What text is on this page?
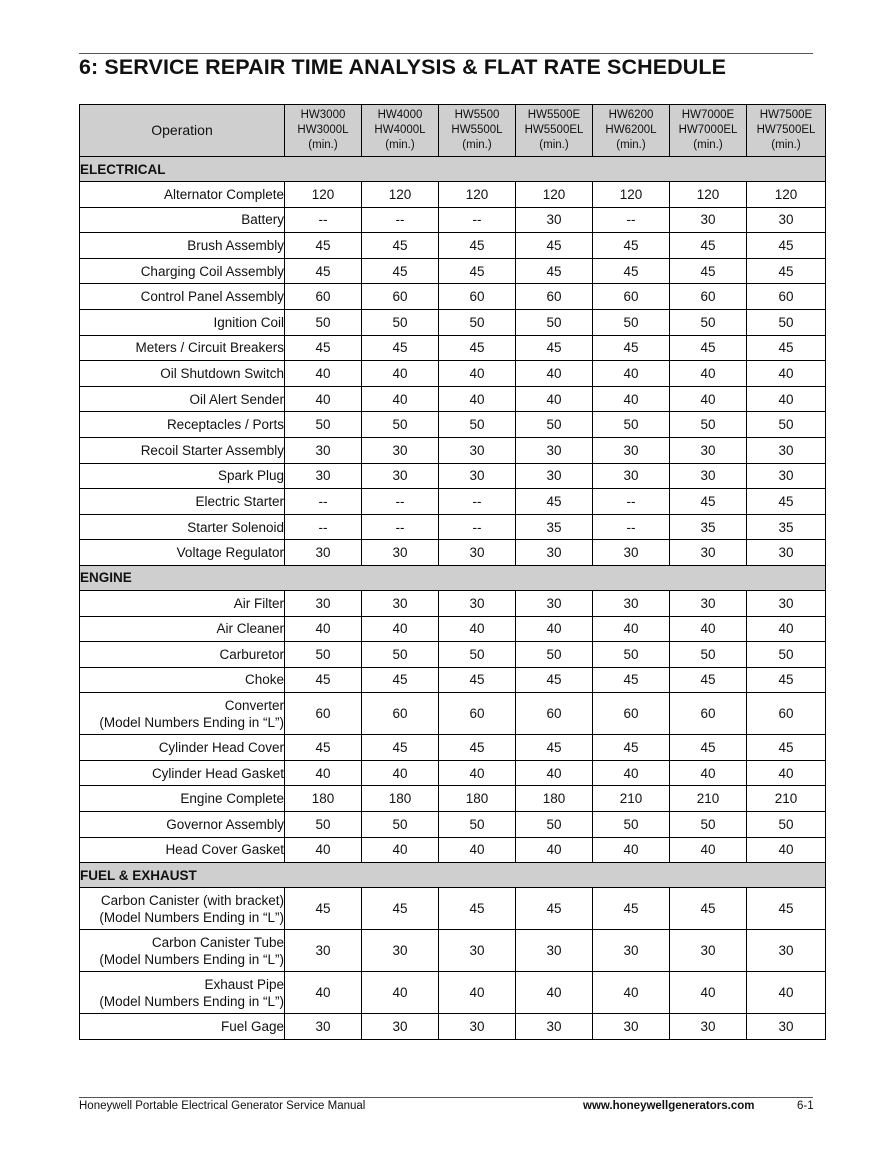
6: SERVICE REPAIR TIME ANALYSIS & FLAT RATE SCHEDULE
Operation	HW3000
HW3000L
(min.)	HW4000
HW4000L
(min.)	HW5500
HW5500L
(min.)	HW5500E
HW5500EL
(min.)	HW6200
HW6200L
(min.)	HW7000E
HW7000EL
(min.)	HW7500E
HW7500EL
(min.)

ELECTRICAL							

Alternator Complete	120	120	120	120	120	120	120

Battery	--	--	--	30	--	30	30

Brush Assembly	45	45	45	45	45	45	45

Charging Coil Assembly	45	45	45	45	45	45	45

Control Panel Assembly	60	60	60	60	60	60	60

Ignition Coil	50	50	50	50	50	50	50

Meters / Circuit Breakers	45	45	45	45	45	45	45

Oil Shutdown Switch	40	40	40	40	40	40	40

Oil Alert Sender	40	40	40	40	40	40	40

Receptacles / Ports	50	50	50	50	50	50	50

Recoil Starter Assembly	30	30	30	30	30	30	30

Spark Plug	30	30	30	30	30	30	30

Electric Starter	--	--	--	45	--	45	45

Starter Solenoid	--	--	--	35	--	35	35

Voltage Regulator	30	30	30	30	30	30	30
ENGINE							

Air Filter	30	30	30	30	30	30	30

Air Cleaner	40	40	40	40	40	40	40

Carburetor	50	50	50	50	50	50	50

Choke	45	45	45	45	45	45	45

Converter
(Model Numbers Ending in “L”)	60	60	60	60	60	60	60

Cylinder Head Cover	45	45	45	45	45	45	45

Cylinder Head Gasket	40	40	40	40	40	40	40

Engine Complete	180	180	180	180	210	210	210

Governor Assembly	50	50	50	50	50	50	50

Head Cover Gasket	40	40	40	40	40	40	40
FUEL & EXHAUST							

Carbon Canister (with bracket)
(Model Numbers Ending in “L”)	45	45	45	45	45	45	45

Carbon Canister Tube
(Model Numbers Ending in “L”)	30	30	30	30	30	30	30

Exhaust Pipe
(Model Numbers Ending in “L”)	40	40	40	40	40	40	40

Fuel Gage	30	30	30	30	30	30	30
Honeywell Portable Electrical Generator Service Manual	www.honeywellgenerators.com	6-1
